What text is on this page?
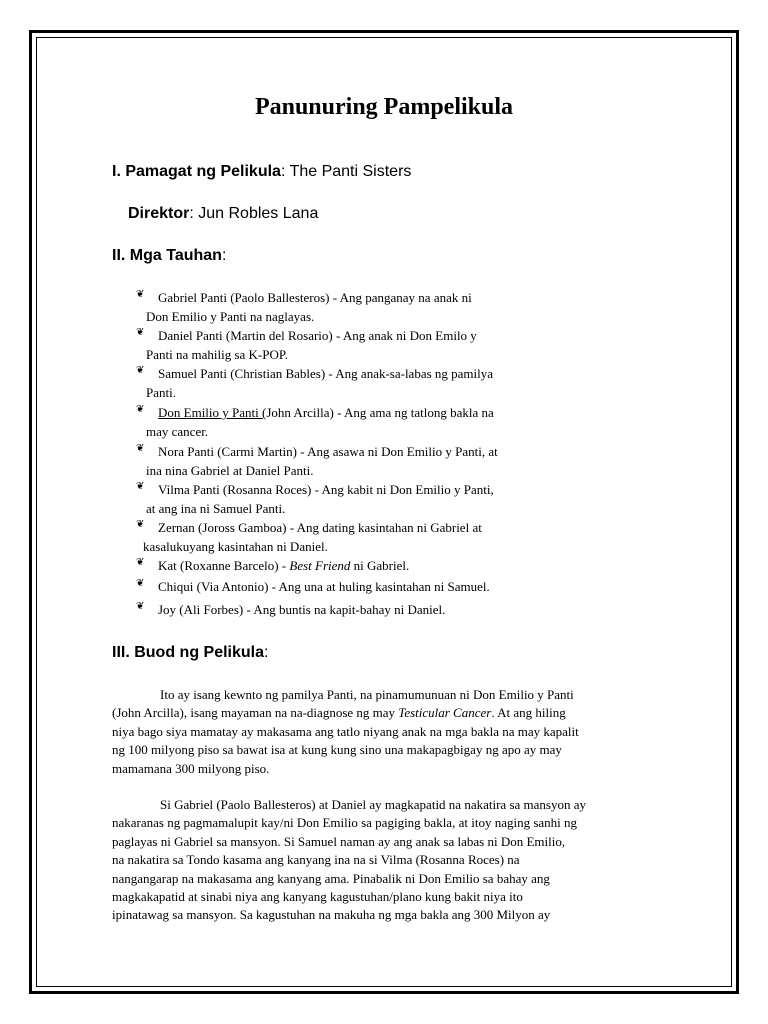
Panunuring Pampelikula
I. Pamagat ng Pelikula: The Panti Sisters
Direktor: Jun Robles Lana
II. Mga Tauhan:
❦	Gabriel Panti (Paolo Ballesteros) - Ang panganay na anak ni
Don Emilio y Panti na naglayas.
❦	Daniel Panti (Martin del Rosario) - Ang anak ni Don Emilo y
Panti na mahilig sa K-POP.
❦	Samuel Panti (Christian Bables) - Ang anak-sa-labas ng pamilya
Panti.
❦	Don Emilio y Panti (John Arcilla) - Ang ama ng tatlong bakla na
may cancer.
❦	Nora Panti (Carmi Martin) - Ang asawa ni Don Emilio y Panti, at
ina nina Gabriel at Daniel Panti.
❦	Vilma Panti (Rosanna Roces) - Ang kabit ni Don Emilio y Panti,
at ang ina ni Samuel Panti.
❦	Zernan (Joross Gamboa) - Ang dating kasintahan ni Gabriel at
kasalukuyang kasintahan ni Daniel.
❦	Kat (Roxanne Barcelo) - Best Friend ni Gabriel.
❦	Chiqui (Via Antonio) - Ang una at huling kasintahan ni Samuel.
❦	Joy (Ali Forbes) - Ang buntis na kapit-bahay ni Daniel.
III. Buod ng Pelikula:
Ito ay isang kewnto ng pamilya Panti, na pinamumunuan ni Don Emilio y Panti
(John Arcilla), isang mayaman na na-diagnose ng may Testicular Cancer. At ang hiling
niya bago siya mamatay ay makasama ang tatlo niyang anak na mga bakla na may kapalit
ng 100 milyong piso sa bawat isa at kung kung sino una makapagbigay ng apo ay may
mamamana 300 milyong piso.
Si Gabriel (Paolo Ballesteros) at Daniel ay magkapatid na nakatira sa mansyon ay
nakaranas ng pagmamalupit kay/ni Don Emilio sa pagiging bakla, at itoy naging sanhi ng
paglayas ni Gabriel sa mansyon. Si Samuel naman ay ang anak sa labas ni Don Emilio,
na nakatira sa Tondo kasama ang kanyang ina na si Vilma (Rosanna Roces) na
nangangarap na makasama ang kanyang ama. Pinabalik ni Don Emilio sa bahay ang
magkakapatid at sinabi niya ang kanyang kagustuhan/plano kung bakit niya ito
ipinatawag sa mansyon. Sa kagustuhan na makuha ng mga bakla ang 300 Milyon ay
